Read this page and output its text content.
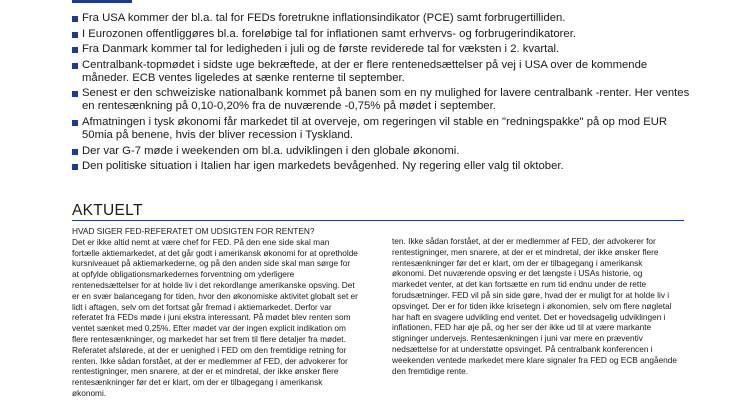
Fra USA kommer der bl.a. tal for FEDs foretrukne inflationsindikator (PCE) samt forbrugertilliden.
I Eurozonen offentliggøres bl.a. foreløbige tal for inflationen samt erhvervs- og forbrugerindikatorer.
Fra Danmark kommer tal for ledigheden i juli og de første reviderede tal for væksten i 2. kvartal.
Centralbank-topmødet i sidste uge bekræftede, at der er flere rentenedsættelser på vej i USA over de kommende måneder. ECB ventes ligeledes at sænke renterne til september.
Senest er den schweiziske nationalbank kommet på banen som en ny mulighed for lavere centralbank -renter. Her ventes en rentesænkning på 0,10-0,20% fra de nuværende -0,75% på mødet i september.
Afmatningen i tysk økonomi får markedet til at overveje, om regeringen vil stable en "redningspakke" på op mod EUR 50mia på benene, hvis der bliver recession i Tyskland.
Der var G-7 møde i weekenden om bl.a. udviklingen i den globale økonomi.
Den politiske situation i Italien har igen markedets bevågenhed. Ny regering eller valg til oktober.
AKTUELT
HVAD SIGER FED-REFERATET OM UDSIGTEN FOR RENTEN?

Det er ikke altid nemt at være chef for FED. På den ene side skal man fortælle aktiemarkedet, at det går godt i amerikansk økonomi for at opretholde kursniveauet på aktiemarkederne, og på den anden side skal man sørge for at opfylde obligationsmarkedernes forventning om yderligere rentenedsættelser for at holde liv i det rekordlange amerikanske opsving. Det er en svær balancegang for tiden, hvor den økonomiske aktivitet globalt set er lidt i aftagen, selv om det fortsat går fremad i aktiemarkedet. Derfor var referatet fra FEDs møde i juni ekstra interessant. På mødet blev renten som ventet sænket med 0,25%. Efter mødet var der ingen explicit indikation om flere rentesænkninger, og markedet har set frem til flere detaljer fra mødet. Referatet afslørede, at der er uenighed i FED om den fremtidige retning for renten. Ikke sådan forstået, at der er medlemmer af FED, der advokerer for rentestigninger, men snarere, at der er et mindretal, der ikke ønsker flere rentesænkninger før det er klart, om der er tilbagegang i amerikansk økonomi.

ten. Ikke sådan forstået, at der er medlemmer af FED, der advokerer for rentestigninger, men snarere, at der er et mindretal, der ikke ønsker flere rentesænkninger før det er klart, om der er tilbagegang i amerikansk økonomi. Det nuværende opsving er det længste i USAs historie, og markedet venter, at det kan fortsætte en rum tid endnu under de rette forudsætninger. FED vil på sin side gøre, hvad der er muligt for at holde liv i opsvinget. Der er for tiden ikke krisetegn i økonomien, selv om flere nøgletal har haft en svagere udvikling end ventet. Det er hovedsagelig udviklingen i inflationen, FED har øje på, og her ser der ikke ud til at være markante stigninger undervejs. Rentesænkningen i juni var mere en præventiv nedsættelse for at understøtte opsvinget. På centralbank konferencen i weekenden ventede markedet mere klare signaler fra FED og ECB angående den fremtidige rente.
